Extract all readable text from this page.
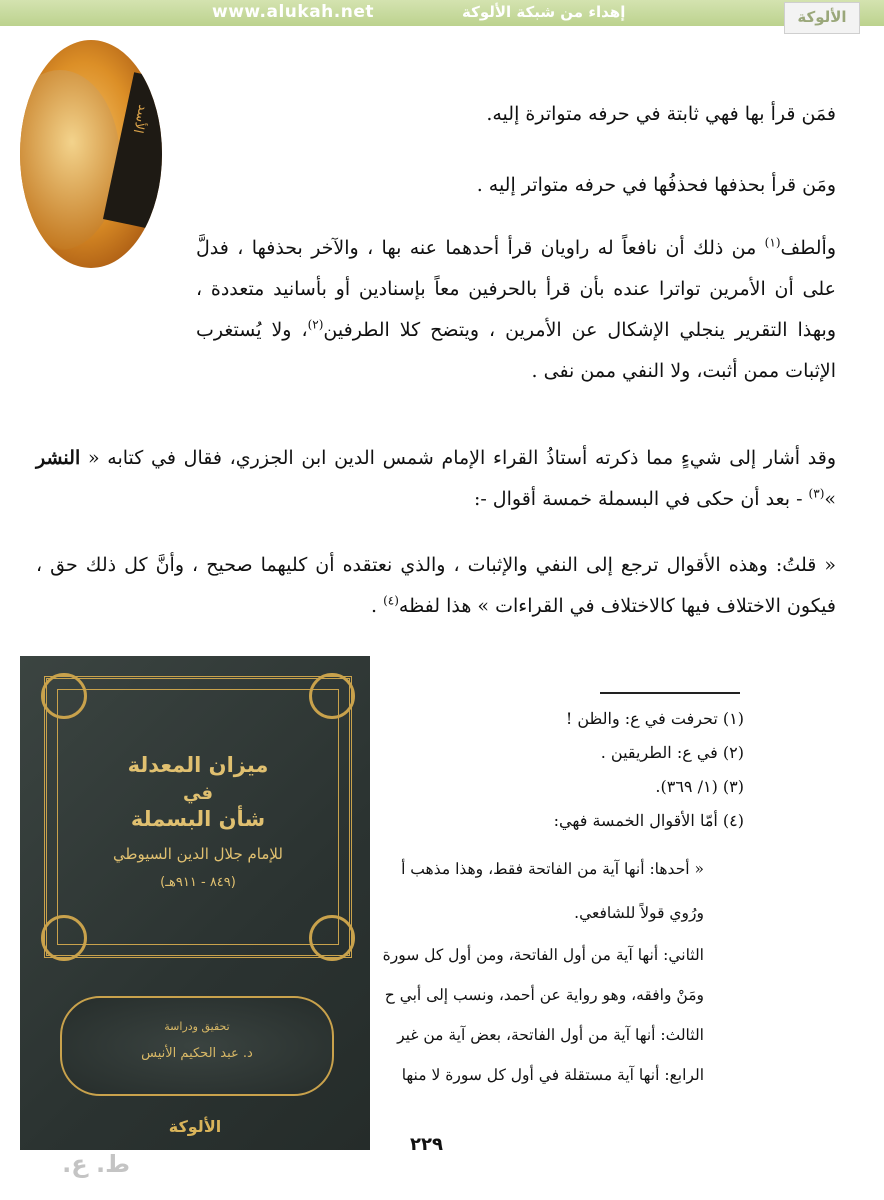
www.alukah.net	إهداء من شبكة الألوكة	الألوكة
الأسد	فمَن قرأ بها فهي ثابتة في حرفه متواترة إليه.

ومَن قرأ بحذفها فحذفُها في حرفه متواتر إليه .

وألطف$^{(١)}$ من ذلك أن نافعاً له راويان قرأ أحدهما عنه بها ، والآخر بحذفها ، فدلَّ على أن الأمرين تواترا عنده بأن قرأ بالحرفين معاً بإسنادين أو بأسانيد متعددة ، وبهذا التقرير ينجلي الإشكال عن الأمرين ، ويتضح كلا الطرفين$^{(٢)}$، ولا يُستغرب الإثبات ممن أثبت، ولا النفي ممن نفى .

وقد أشار إلى شيءٍ مما ذكرته أستاذُ القراء الإمام شمس الدين ابن الجزري، فقال في كتابه « النشر »$^{(٣)}$ - بعد أن حكى في البسملة خمسة أقوال -:

« قلتُ: وهذه الأقوال ترجع إلى النفي والإثبات ، والذي نعتقده أن كليهما صحيح ، وأنَّ كل ذلك حق ، فيكون الاختلاف فيها كالاختلاف في القراءات » هذا لفظه$^{(٤)}$ .

(١) تحرفت في ع: والظن !
(٢) في ع: الطريقين .
(٣) (١/ ٣٦٩).
(٤) أمّا الأقوال الخمسة فهي:
« أحدها: أنها آية من الفاتحة فقط، وهذا مذهب أ
ورُوي قولاً للشافعي.
الثاني: أنها آية من أول الفاتحة، ومن أول كل سورة
ومَنْ وافقه، وهو رواية عن أحمد، ونسب إلى أبي ح
الثالث: أنها آية من أول الفاتحة، بعض آية من غير
الرابع: أنها آية مستقلة في أول كل سورة لا منها
ميزان المعدلة
في
شأن البسملة
للإمام جلال الدين السيوطي
(٨٤٩ - ٩١١هـ)
تحقيق ودراسة
د. عبد الحكيم الأنيس
الألوكة
٢٢٩
ط. ع.
